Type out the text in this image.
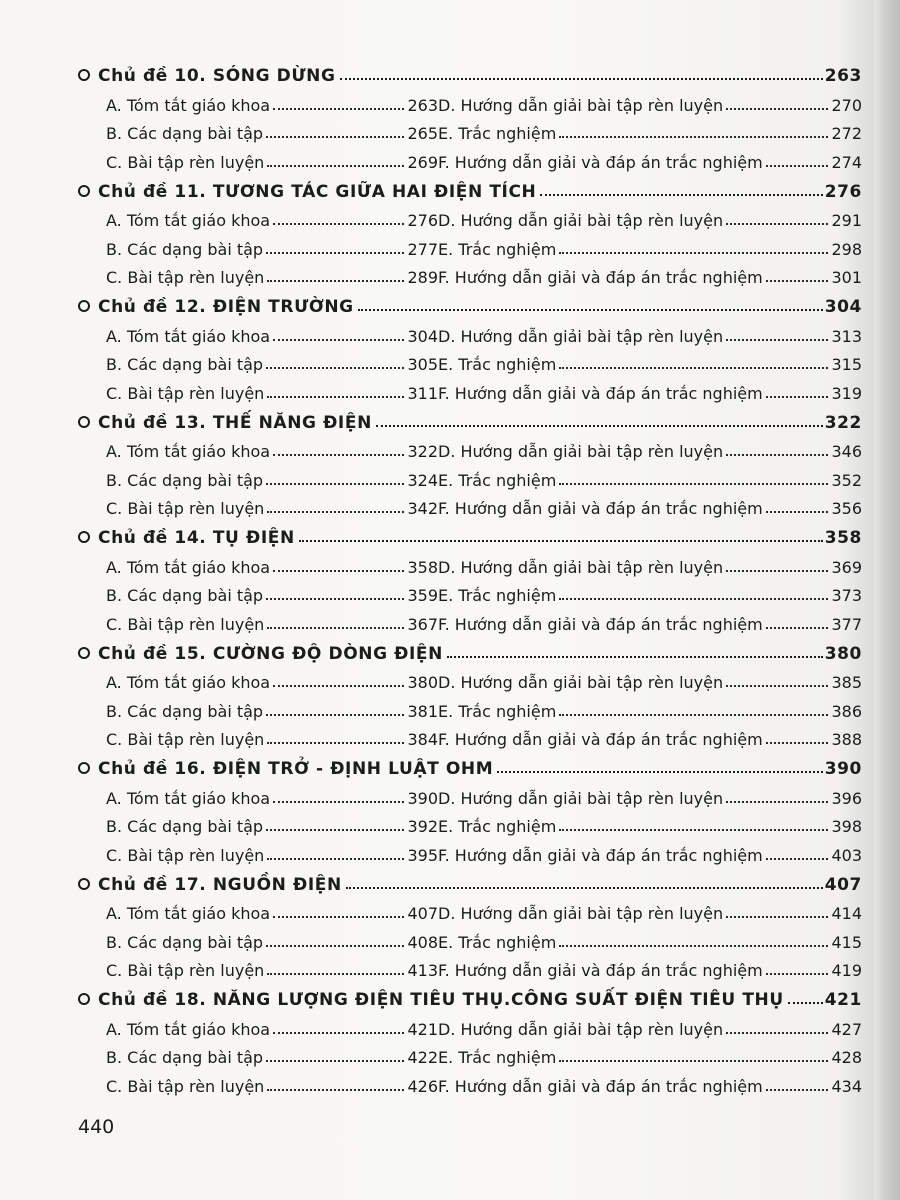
Chủ đề 10. SÓNG DỪNG	263
A. Tóm tắt giáo khoa	263 D. Hướng dẫn giải bài tập rèn luyện	270
B. Các dạng bài tập	265 E. Trắc nghiệm	272
C. Bài tập rèn luyện	269 F. Hướng dẫn giải và đáp án trắc nghiệm	274
Chủ đề 11. TƯƠNG TÁC GIỮA HAI ĐIỆN TÍCH	276
A. Tóm tắt giáo khoa	276 D. Hướng dẫn giải bài tập rèn luyện	291
B. Các dạng bài tập	277 E. Trắc nghiệm	298
C. Bài tập rèn luyện	289 F. Hướng dẫn giải và đáp án trắc nghiệm	301
Chủ đề 12. ĐIỆN TRƯỜNG	304
A. Tóm tắt giáo khoa	304 D. Hướng dẫn giải bài tập rèn luyện	313
B. Các dạng bài tập	305 E. Trắc nghiệm	315
C. Bài tập rèn luyện	311 F. Hướng dẫn giải và đáp án trắc nghiệm	319
Chủ đề 13. THẾ NĂNG ĐIỆN	322
A. Tóm tắt giáo khoa	322 D. Hướng dẫn giải bài tập rèn luyện	346
B. Các dạng bài tập	324 E. Trắc nghiệm	352
C. Bài tập rèn luyện	342 F. Hướng dẫn giải và đáp án trắc nghiệm	356
Chủ đề 14. TỤ ĐIỆN	358
A. Tóm tắt giáo khoa	358 D. Hướng dẫn giải bài tập rèn luyện	369
B. Các dạng bài tập	359 E. Trắc nghiệm	373
C. Bài tập rèn luyện	367 F. Hướng dẫn giải và đáp án trắc nghiệm	377
Chủ đề 15. CƯỜNG ĐỘ DÒNG ĐIỆN	380
A. Tóm tắt giáo khoa	380 D. Hướng dẫn giải bài tập rèn luyện	385
B. Các dạng bài tập	381 E. Trắc nghiệm	386
C. Bài tập rèn luyện	384 F. Hướng dẫn giải và đáp án trắc nghiệm	388
Chủ đề 16. ĐIỆN TRỞ - ĐỊNH LUẬT OHM	390
A. Tóm tắt giáo khoa	390 D. Hướng dẫn giải bài tập rèn luyện	396
B. Các dạng bài tập	392 E. Trắc nghiệm	398
C. Bài tập rèn luyện	395 F. Hướng dẫn giải và đáp án trắc nghiệm	403
Chủ đề 17. NGUỒN ĐIỆN	407
A. Tóm tắt giáo khoa	407 D. Hướng dẫn giải bài tập rèn luyện	414
B. Các dạng bài tập	408 E. Trắc nghiệm	415
C. Bài tập rèn luyện	413 F. Hướng dẫn giải và đáp án trắc nghiệm	419
Chủ đề 18. NĂNG LƯỢNG ĐIỆN TIÊU THỤ.CÔNG SUẤT ĐIỆN TIÊU THỤ 421
A. Tóm tắt giáo khoa	421 D. Hướng dẫn giải bài tập rèn luyện	427
B. Các dạng bài tập	422 E. Trắc nghiệm	428
C. Bài tập rèn luyện	426 F. Hướng dẫn giải và đáp án trắc nghiệm	434
440
